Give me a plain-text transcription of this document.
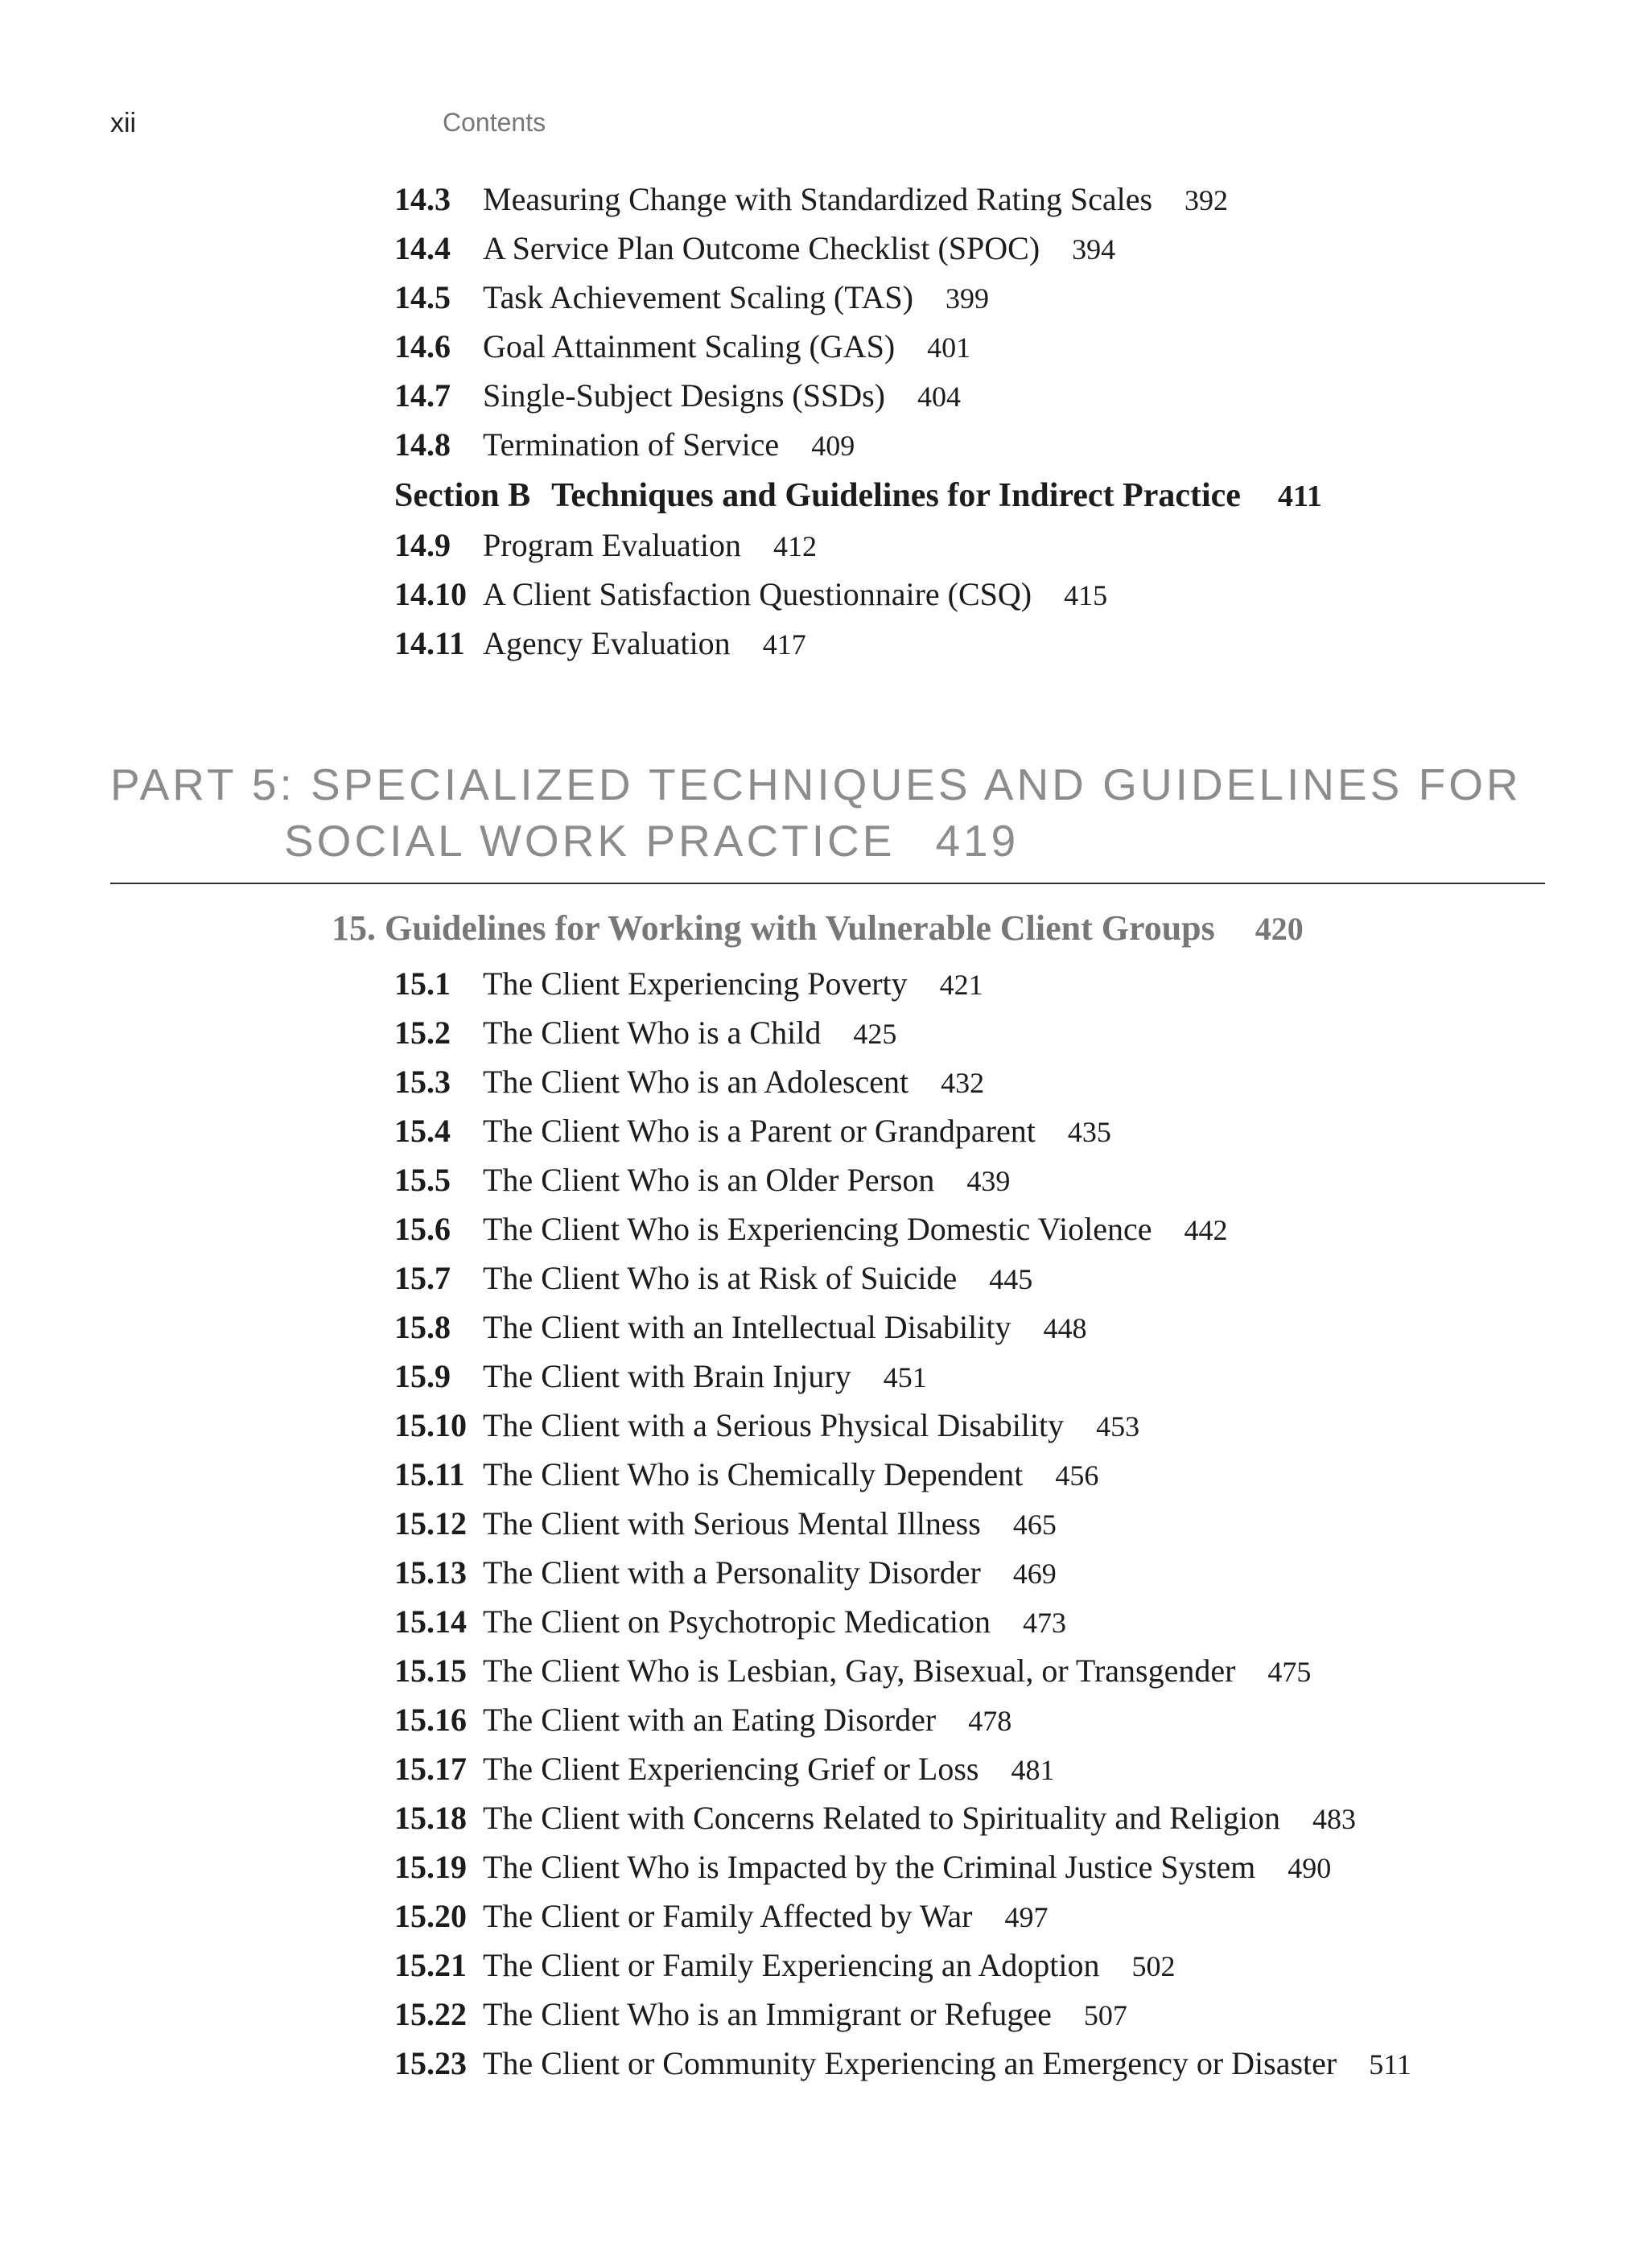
xii	Contents
14.3 Measuring Change with Standardized Rating Scales 392
14.4 A Service Plan Outcome Checklist (SPOC) 394
14.5 Task Achievement Scaling (TAS) 399
14.6 Goal Attainment Scaling (GAS) 401
14.7 Single-Subject Designs (SSDs) 404
14.8 Termination of Service 409
Section B Techniques and Guidelines for Indirect Practice 411
14.9 Program Evaluation 412
14.10 A Client Satisfaction Questionnaire (CSQ) 415
14.11 Agency Evaluation 417
PART 5: SPECIALIZED TECHNIQUES AND GUIDELINES FOR
SOCIAL WORK PRACTICE 419
15. Guidelines for Working with Vulnerable Client Groups 420
15.1 The Client Experiencing Poverty 421
15.2 The Client Who is a Child 425
15.3 The Client Who is an Adolescent 432
15.4 The Client Who is a Parent or Grandparent 435
15.5 The Client Who is an Older Person 439
15.6 The Client Who is Experiencing Domestic Violence 442
15.7 The Client Who is at Risk of Suicide 445
15.8 The Client with an Intellectual Disability 448
15.9 The Client with Brain Injury 451
15.10 The Client with a Serious Physical Disability 453
15.11 The Client Who is Chemically Dependent 456
15.12 The Client with Serious Mental Illness 465
15.13 The Client with a Personality Disorder 469
15.14 The Client on Psychotropic Medication 473
15.15 The Client Who is Lesbian, Gay, Bisexual, or Transgender 475
15.16 The Client with an Eating Disorder 478
15.17 The Client Experiencing Grief or Loss 481
15.18 The Client with Concerns Related to Spirituality and Religion 483
15.19 The Client Who is Impacted by the Criminal Justice System 490
15.20 The Client or Family Affected by War 497
15.21 The Client or Family Experiencing an Adoption 502
15.22 The Client Who is an Immigrant or Refugee 507
15.23 The Client or Community Experiencing an Emergency or Disaster 511
